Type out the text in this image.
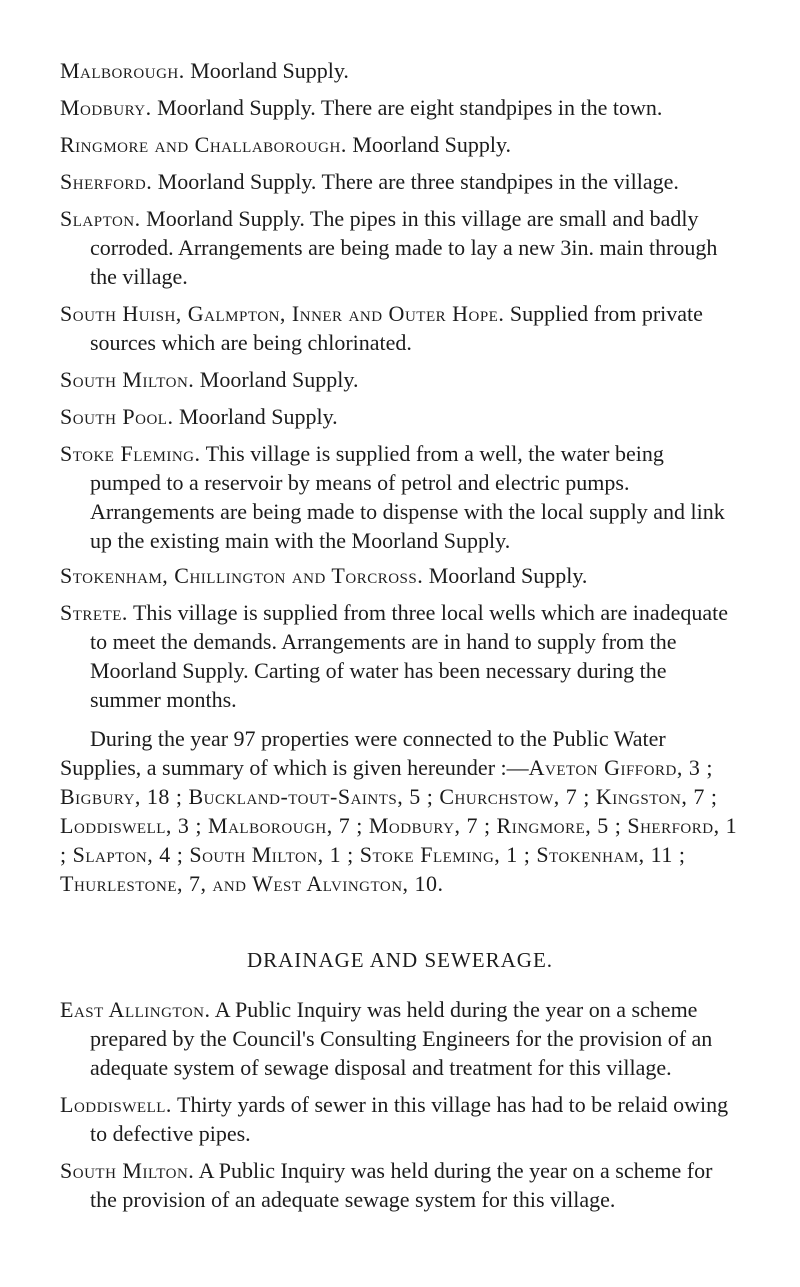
Malborough. Moorland Supply.
Modbury. Moorland Supply. There are eight standpipes in the town.
Ringmore and Challaborough. Moorland Supply.
Sherford. Moorland Supply. There are three standpipes in the village.
Slapton. Moorland Supply. The pipes in this village are small and badly corroded. Arrangements are being made to lay a new 3in. main through the village.
South Huish, Galmpton, Inner and Outer Hope. Supplied from private sources which are being chlorinated.
South Milton. Moorland Supply.
South Pool. Moorland Supply.
Stoke Fleming. This village is supplied from a well, the water being pumped to a reservoir by means of petrol and electric pumps.
Arrangements are being made to dispense with the local supply and link up the existing main with the Moorland Supply.
Stokenham, Chillington and Torcross. Moorland Supply.
Strete. This village is supplied from three local wells which are inadequate to meet the demands. Arrangements are in hand to supply from the Moorland Supply. Carting of water has been necessary during the summer months.
During the year 97 properties were connected to the Public Water Supplies, a summary of which is given hereunder :—Aveton Gifford, 3 ; Bigbury, 18 ; Buckland-tout-Saints, 5 ; Churchstow, 7 ; Kingston, 7 ; Loddiswell, 3 ; Malborough, 7 ; Modbury, 7 ; Ringmore, 5 ; Sherford, 1 ; Slapton, 4 ; South Milton, 1 ; Stoke Fleming, 1 ; Stokenham, 11 ; Thurlestone, 7, and West Alvington, 10.
DRAINAGE AND SEWERAGE.
East Allington. A Public Inquiry was held during the year on a scheme prepared by the Council's Consulting Engineers for the provision of an adequate system of sewage disposal and treatment for this village.
Loddiswell. Thirty yards of sewer in this village has had to be relaid owing to defective pipes.
South Milton. A Public Inquiry was held during the year on a scheme for the provision of an adequate sewage system for this village.
